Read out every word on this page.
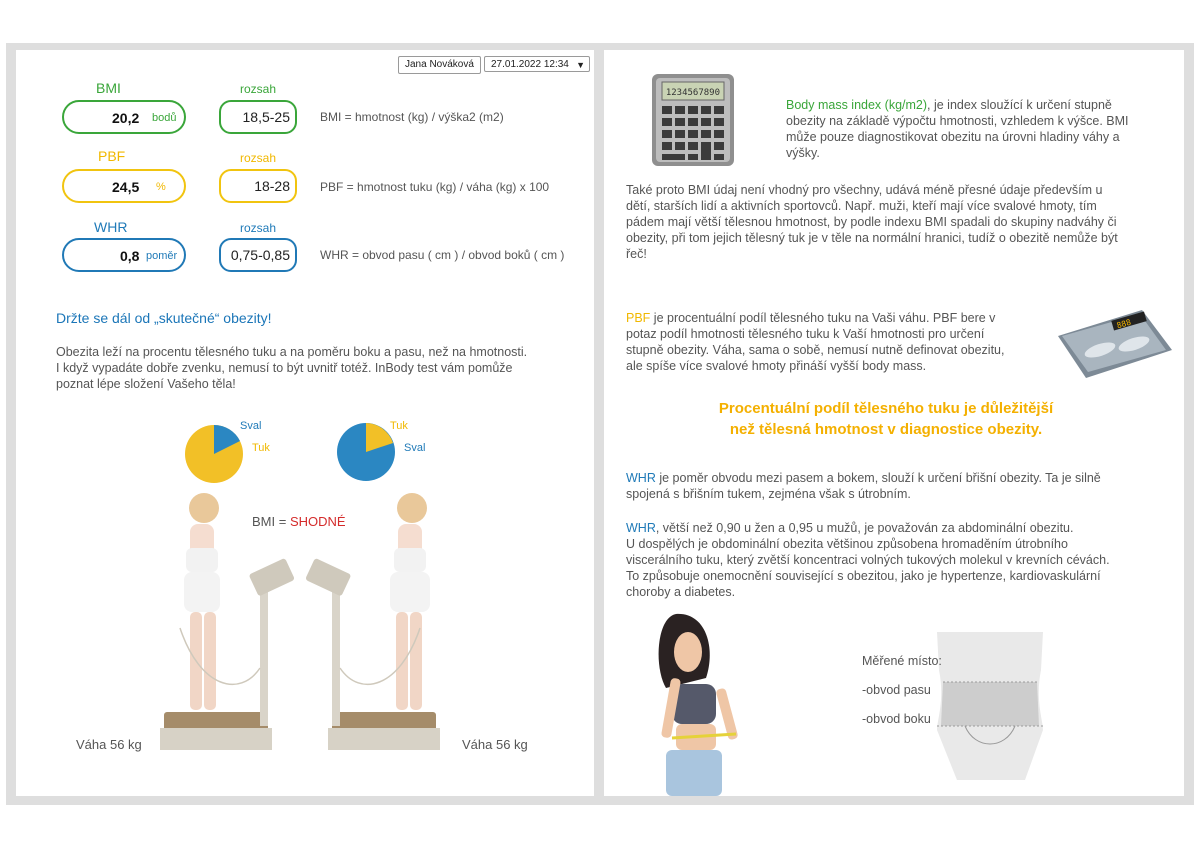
Jana Nováková	27.01.2022 12:34 ▼
BMI	rozsah
20,2 bodů	18,5-25	BMI = hmotnost (kg) / výška2 (m2)
PBF	rozsah
24,5 %	18-28	PBF = hmotnost tuku (kg) / váha (kg) x 100
WHR	rozsah
0,8 poměr	0,75-0,85	WHR = obvod pasu ( cm ) / obvod boků ( cm )
Držte se dál od „skutečné“ obezity!
Obezita leží na procentu tělesného tuku a na poměru boku a pasu, než na hmotnosti.
I když vypadáte dobře zvenku, nemusí to být uvnitř totéž. InBody test vám pomůže
poznat lépe složení Vašeho těla!
Sval
Tuk
Tuk
Sval
BMI = SHODNÉ
Váha 56 kg	Váha 56 kg
1234567890
Body mass index (kg/m2), je index sloužící k určení stupně
obezity na základě výpočtu hmotnosti, vzhledem k výšce. BMI
může pouze diagnostikovat obezitu na úrovni hladiny váhy a
výšky.
Také proto BMI údaj není vhodný pro všechny, udává méně přesné údaje především u
dětí, starších lidí a aktivních sportovců. Např. muži, kteří mají více svalové hmoty, tím
pádem mají větší tělesnou hmotnost, by podle indexu BMI spadali do skupiny nadváhy či
obezity, při tom jejich tělesný tuk je v těle na normální hranici, tudíž o obezitě nemůže být
řeč!
PBF je procentuální podíl tělesného tuku na Vaši váhu. PBF bere v
potaz podíl hmotnosti tělesného tuku k Vaší hmotnosti pro určení
stupně obezity. Váha, sama o sobě, nemusí nutně definovat obezitu,
ale spíše více svalové hmoty přináší vyšší body mass.
888
Procentuální podíl tělesného tuku je důležitější
než tělesná hmotnost v diagnostice obezity.
WHR je poměr obvodu mezi pasem a bokem, slouží k určení břišní obezity. Ta je silně
spojená s břišním tukem, zejména však s útrobním.
WHR, větší než 0,90 u žen a 0,95 u mužů, je považován za abdominální obezitu.
U dospělých je obdominální obezita většinou způsobena hromaděním útrobního
viscerálního tuku, který zvětší koncentraci volných tukových molekul v krevních cévách.
To způsobuje onemocnění související s obezitou, jako je hypertenze, kardiovaskulární
choroby a diabetes.
Měřené místo:
-obvod pasu
-obvod boku
